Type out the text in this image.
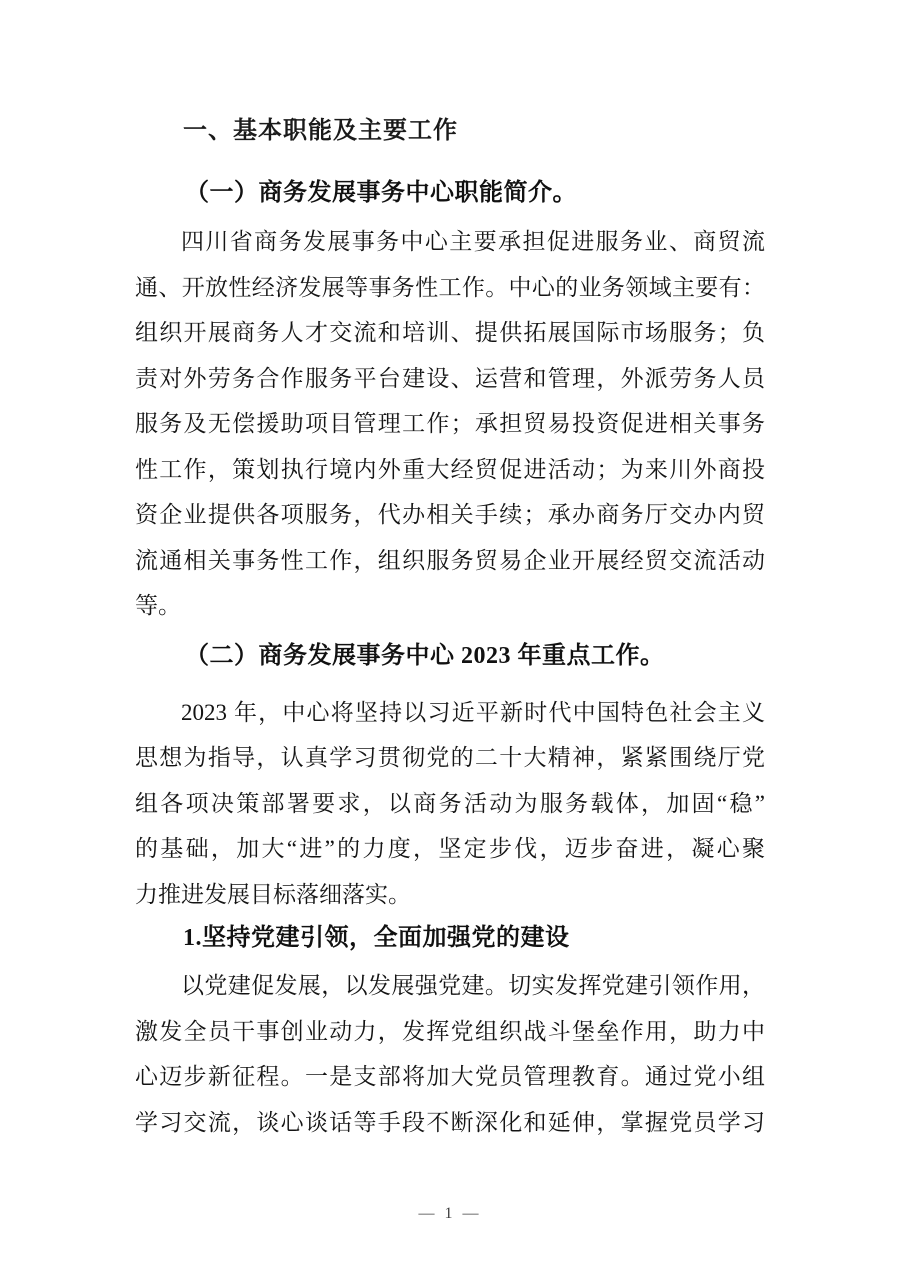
一、基本职能及主要工作
（一）商务发展事务中心职能简介。
四川省商务发展事务中心主要承担促进服务业、商贸流
通、开放性经济发展等事务性工作。中心的业务领域主要有：
组织开展商务人才交流和培训、提供拓展国际市场服务；负
责对外劳务合作服务平台建设、运营和管理，外派劳务人员
服务及无偿援助项目管理工作；承担贸易投资促进相关事务
性工作，策划执行境内外重大经贸促进活动；为来川外商投
资企业提供各项服务，代办相关手续；承办商务厅交办内贸
流通相关事务性工作，组织服务贸易企业开展经贸交流活动
等。
（二）商务发展事务中心 2023 年重点工作。
2023 年，中心将坚持以习近平新时代中国特色社会主义
思想为指导，认真学习贯彻党的二十大精神，紧紧围绕厅党
组各项决策部署要求，以商务活动为服务载体，加固“稳”
的基础，加大“进”的力度，坚定步伐，迈步奋进，凝心聚
力推进发展目标落细落实。
1.坚持党建引领，全面加强党的建设
以党建促发展，以发展强党建。切实发挥党建引领作用，
激发全员干事创业动力，发挥党组织战斗堡垒作用，助力中
心迈步新征程。一是支部将加大党员管理教育。通过党小组
学习交流，谈心谈话等手段不断深化和延伸，掌握党员学习
— 1 —
